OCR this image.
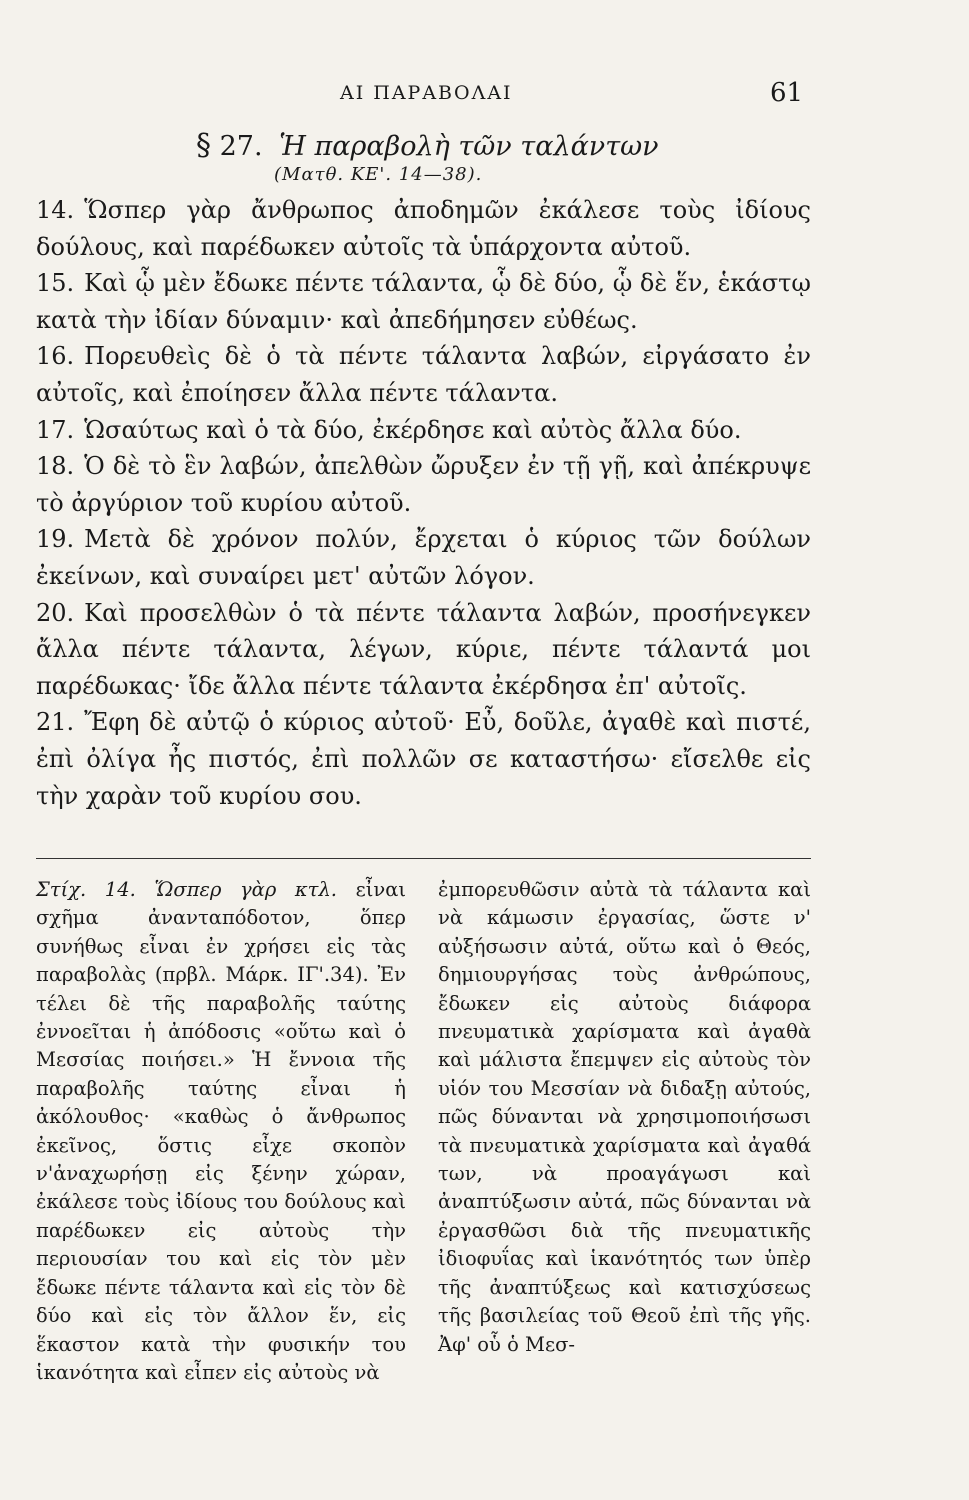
ΑΙ ΠΑΡΑΒΟΛΑΙ	61
§ 27. Ἡ παραβολὴ τῶν ταλάντων
(Ματθ. ΚΕ'. 14—38).

14. Ὥσπερ γὰρ ἄνθρωπος ἀποδημῶν ἐκάλεσε τοὺς ἰδίους δούλους, καὶ παρέδωκεν αὐτοῖς τὰ ὑπάρχοντα αὐτοῦ.

15. Καὶ ᾧ μὲν ἔδωκε πέντε τάλαντα, ᾧ δὲ δύο, ᾧ δὲ ἕν, ἑκάστῳ κατὰ τὴν ἰδίαν δύναμιν· καὶ ἀπεδήμησεν εὐθέως.

16. Πορευθεὶς δὲ ὁ τὰ πέντε τάλαντα λαβών, εἰργάσατο ἐν αὐτοῖς, καὶ ἐποίησεν ἄλλα πέντε τάλαντα.

17. Ὡσαύτως καὶ ὁ τὰ δύο, ἐκέρδησε καὶ αὐτὸς ἄλλα δύο.

18. Ὁ δὲ τὸ ἓν λαβών, ἀπελθὼν ὤρυξεν ἐν τῇ γῇ, καὶ ἀπέκρυψε τὸ ἀργύριον τοῦ κυρίου αὐτοῦ.

19. Μετὰ δὲ χρόνον πολύν, ἔρχεται ὁ κύριος τῶν δούλων ἐκείνων, καὶ συναίρει μετ' αὐτῶν λόγον.

20. Καὶ προσελθὼν ὁ τὰ πέντε τάλαντα λαβών, προσήνεγκεν ἄλλα πέντε τάλαντα, λέγων, κύριε, πέντε τάλαντά μοι παρέδωκας· ἴδε ἄλλα πέντε τάλαντα ἐκέρδησα ἐπ' αὐτοῖς.

21. Ἔφη δὲ αὐτῷ ὁ κύριος αὐτοῦ· Εὖ, δοῦλε, ἀγαθὲ καὶ πιστέ, ἐπὶ ὀλίγα ἦς πιστός, ἐπὶ πολλῶν σε καταστήσω· εἴσελθε εἰς τὴν χαρὰν τοῦ κυρίου σου.

Στίχ. 14. Ὥσπερ γὰρ κτλ. εἶναι σχῆμα ἀνανταπόδοτον, ὅπερ συνήθως εἶναι ἐν χρήσει εἰς τὰς παραβολὰς (πρβλ. Μάρκ. ΙΓ'.34). Ἐν τέλει δὲ τῆς παραβολῆς ταύτης ἐννοεῖται ἡ ἀπόδοσις «οὕτω καὶ ὁ Μεσσίας ποιήσει.» Ἡ ἔννοια τῆς παραβολῆς ταύτης εἶναι ἡ ἀκόλουθος· «καθὼς ὁ ἄνθρωπος ἐκεῖνος, ὅστις εἶχε σκοπὸν ν'ἀναχωρήσῃ εἰς ξένην χώραν, ἐκάλεσε τοὺς ἰδίους του δούλους καὶ παρέδωκεν εἰς αὐτοὺς τὴν περιουσίαν του καὶ εἰς τὸν μὲν ἔδωκε πέντε τάλαντα καὶ εἰς τὸν δὲ δύο καὶ εἰς τὸν ἄλλον ἕν, εἰς ἕκαστον κατὰ τὴν φυσικήν του ἱκανότητα καὶ εἶπεν εἰς αὐτοὺς νὰ

ἐμπορευθῶσιν αὐτὰ τὰ τάλαντα καὶ νὰ κάμωσιν ἐργασίας, ὥστε ν' αὐξήσωσιν αὐτά, οὕτω καὶ ὁ Θεός, δημιουργήσας τοὺς ἀνθρώπους, ἔδωκεν εἰς αὐτοὺς διάφορα πνευματικὰ χαρίσματα καὶ ἀγαθὰ καὶ μάλιστα ἔπεμψεν εἰς αὐτοὺς τὸν υἱόν του Μεσσίαν νὰ διδαξῃ αὐτούς, πῶς δύνανται νὰ χρησιμοποιήσωσι τὰ πνευματικὰ χαρίσματα καὶ ἀγαθά των, νὰ προαγάγωσι καὶ ἀναπτύξωσιν αὐτά, πῶς δύνανται νὰ ἐργασθῶσι διὰ τῆς πνευματικῆς ἰδιοφυΐας καὶ ἱκανότητός των ὑπὲρ τῆς ἀναπτύξεως καὶ κατισχύσεως τῆς βασιλείας τοῦ Θεοῦ ἐπὶ τῆς γῆς. Ἀφ' οὗ ὁ Μεσ-
